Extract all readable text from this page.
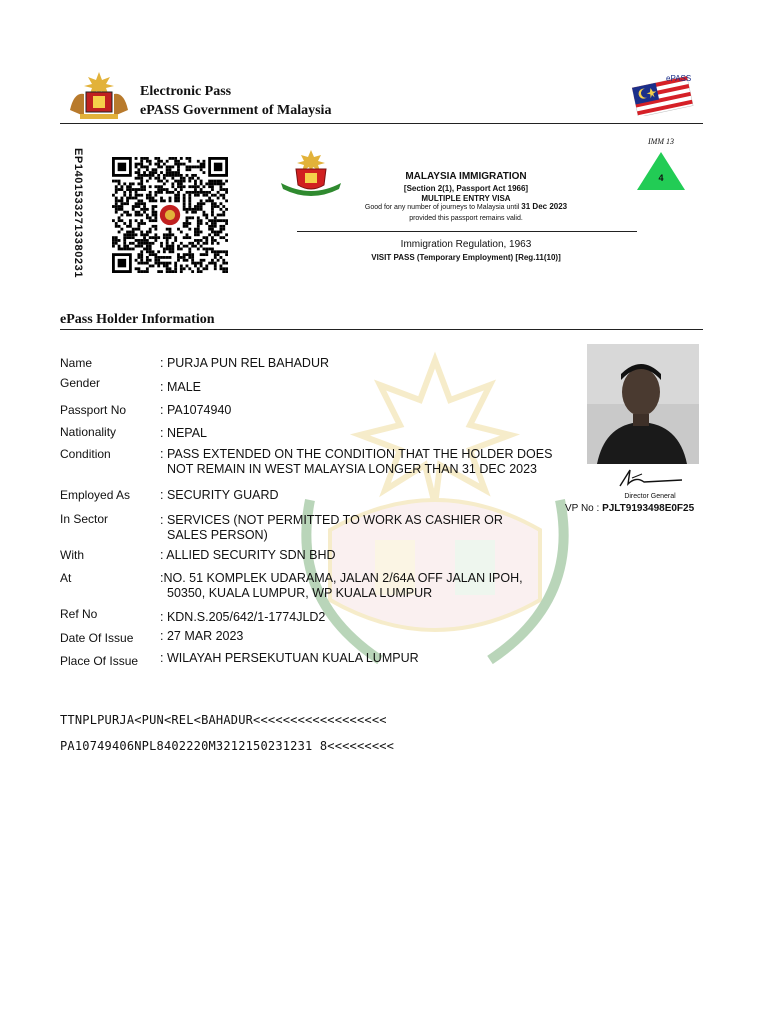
Electronic Pass
ePASS Government of Malaysia
ePASS
IMM 13
4
EP14015332713380231	MALAYSIA IMMIGRATION
[Section 2(1), Passport Act 1966]
MULTIPLE ENTRY VISA
Good for any number of journeys to Malaysia until 31 Dec 2023
provided this passport remains valid.
Immigration Regulation, 1963
VISIT PASS (Temporary Employment) [Reg.11(10)]
ePass Holder Information
Name	: PURJA PUN REL BAHADUR
Gender	: MALE
Passport No	: PA1074940
Nationality	: NEPAL
Condition	: PASS EXTENDED ON THE CONDITION THAT THE HOLDER DOES
NOT REMAIN IN WEST MALAYSIA LONGER THAN 31 DEC 2023
Employed As : SECURITY GUARD
In Sector	: SERVICES (NOT PERMITTED TO WORK AS CASHIER OR
SALES PERSON)
With	: ALLIED SECURITY SDN BHD
At	:NO. 51 KOMPLEK UDARAMA, JALAN 2/64A OFF JALAN IPOH,
50350, KUALA LUMPUR, WP KUALA LUMPUR
Ref No	: KDN.S.205/642/1-1774JLD2
Date Of Issue : 27 MAR 2023
Place Of Issue : WILAYAH PERSEKUTUAN KUALA LUMPUR
Director General
VP No : PJLT9193498E0F25
TTNPLPURJA<PUN<REL<BAHADUR<<<<<<<<<<<<<<<<<<
PA10749406NPL8402220M3212150231231 8<<<<<<<<<
